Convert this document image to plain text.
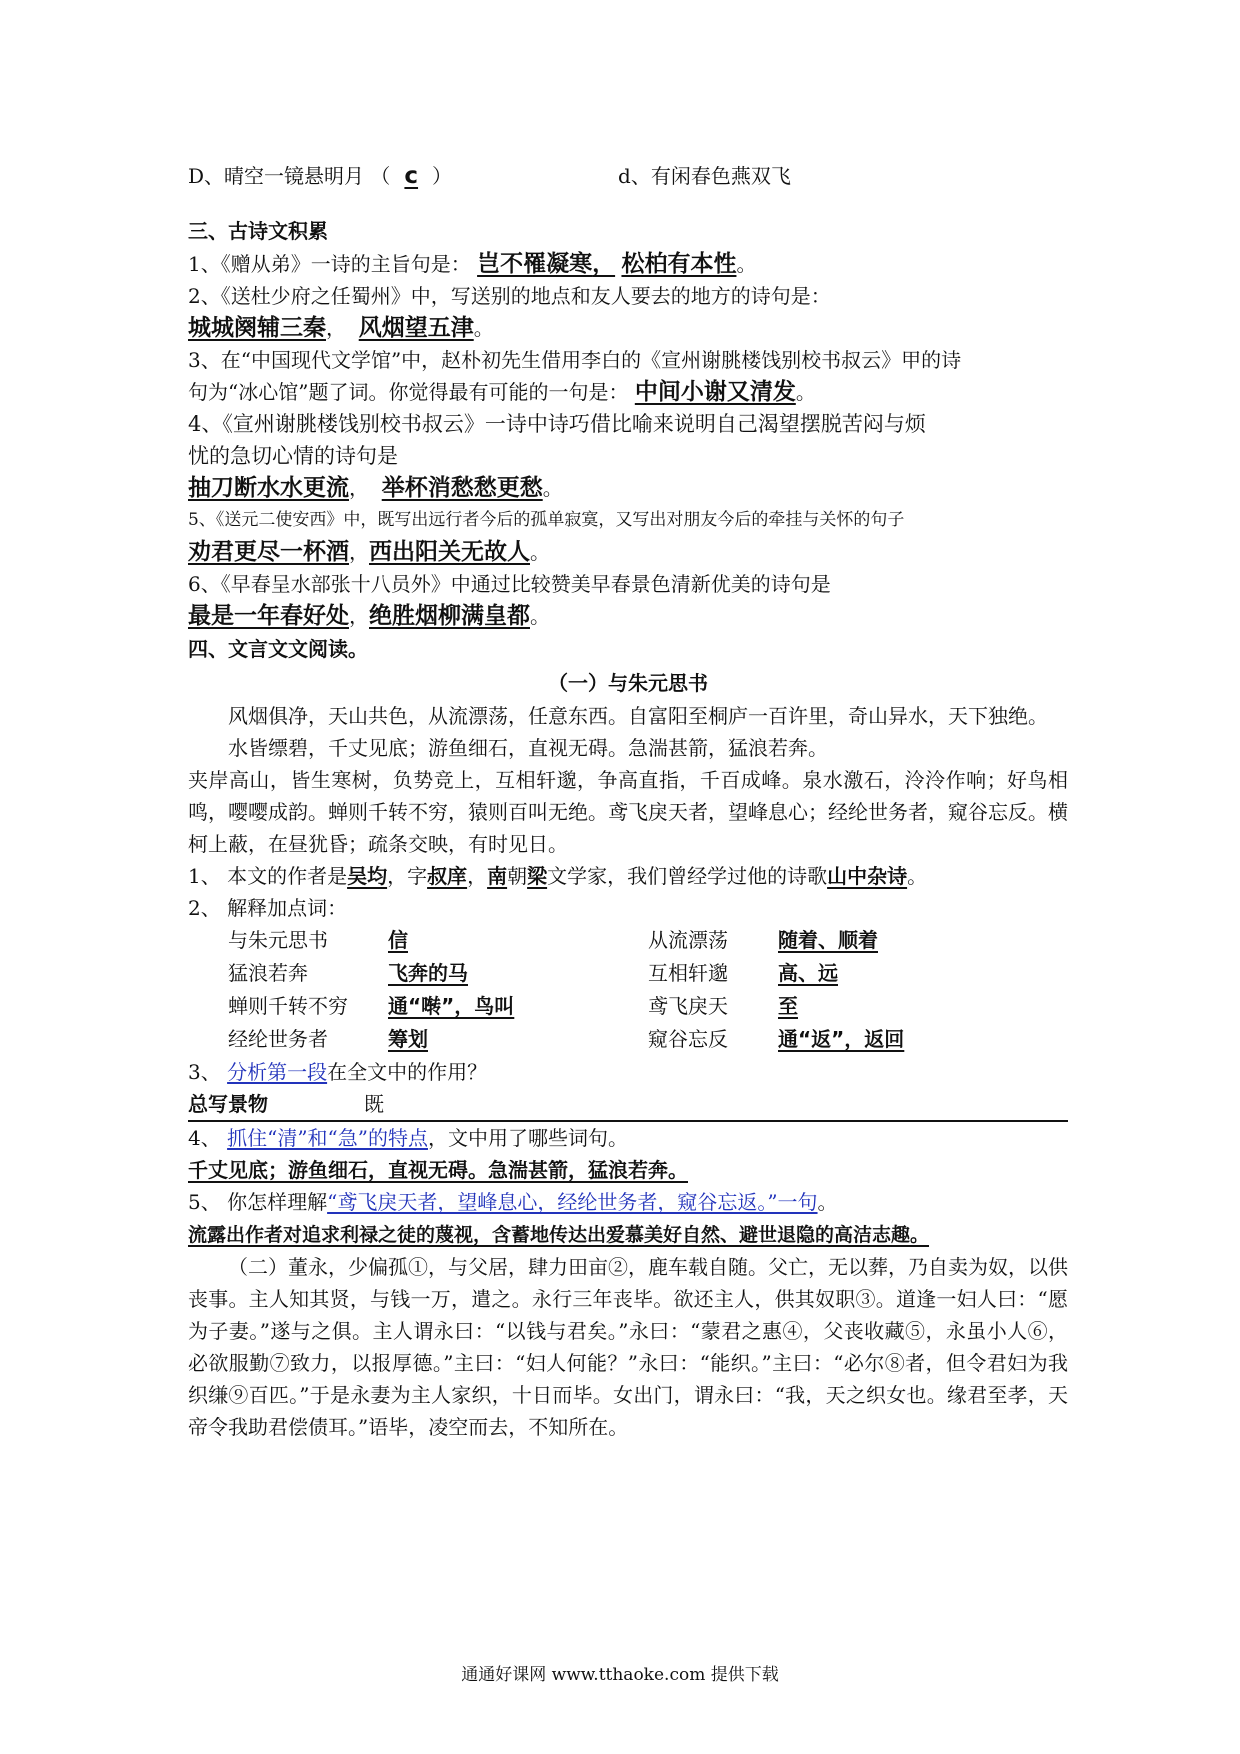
D、晴空一镜悬明月 （ c ）	d、有闲春色燕双飞
三、古诗文积累
1、《赠从弟》一诗的主旨句是： 岂不罹凝寒， 松柏有本性。
2、《送杜少府之任蜀州》中，写送别的地点和友人要去的地方的诗句是：
城城阕辅三秦， 风烟望五津。
3、在“中国现代文学馆”中，赵朴初先生借用李白的《宣州谢朓楼饯别校书叔云》甲的诗
句为“冰心馆”题了词。你觉得最有可能的一句是： 中间小谢又清发。
4、《宣州谢朓楼饯别校书叔云》一诗中诗巧借比喻来说明自己渴望摆脱苦闷与烦
忧的急切心情的诗句是
抽刀断水水更流， 举杯消愁愁更愁。
5、《送元二使安西》中，既写出远行者今后的孤单寂寞，又写出对朋友今后的牵挂与关怀的句子
劝君更尽一杯酒，西出阳关无故人。
6、《早春呈水部张十八员外》中通过比较赞美早春景色清新优美的诗句是
最是一年春好处，绝胜烟柳满皇都。
四、文言文文阅读。
（一）与朱元思书
风烟俱净，天山共色，从流漂荡，任意东西。自富阳至桐庐一百许里，奇山异水，天下独绝。
水皆缥碧，千丈见底；游鱼细石，直视无碍。急湍甚箭，猛浪若奔。
夹岸高山，皆生寒树，负势竞上，互相轩邈，争高直指，千百成峰。泉水激石，泠泠作响；好鸟相鸣，嘤嘤成韵。蝉则千转不穷，猿则百叫无绝。鸢飞戾天者，望峰息心；经纶世务者，窥谷忘反。横柯上蔽，在昼犹昏；疏条交映，有时见日。
1、 本文的作者是吴均，字叔庠，南朝梁文学家，我们曾经学过他的诗歌山中杂诗。
2、 解释加点词：
与朱元思书	信	从流漂荡	随着、顺着
猛浪若奔	飞奔的马	互相轩邈	高、远
蝉则千转不穷	通“啭”，鸟叫	鸢飞戾天	至
经纶世务者	筹划	窥谷忘反	通“返”，返回
3、 分析第一段在全文中的作用？
总写景物	既
4、 抓住“清”和“急”的特点，文中用了哪些词句。
千丈见底；游鱼细石，直视无碍。急湍甚箭，猛浪若奔。
5、 你怎样理解“鸢飞戾天者，望峰息心，经纶世务者，窥谷忘返。”一句。
流露出作者对追求利禄之徒的蔑视，含蓄地传达出爱慕美好自然、避世退隐的高洁志趣。
（二）董永，少偏孤①，与父居，肆力田亩②，鹿车载自随。父亡，无以葬，乃自卖为奴，以供丧事。主人知其贤，与钱一万，遣之。永行三年丧毕。欲还主人，供其奴职③。道逢一妇人曰：“愿为子妻。”遂与之俱。主人谓永曰：“以钱与君矣。”永曰：“蒙君之惠④，父丧收藏⑤，永虽小人⑥，必欲服勤⑦致力，以报厚德。”主曰：“妇人何能？”永曰：“能织。”主曰：“必尔⑧者，但令君妇为我织缣⑨百匹。”于是永妻为主人家织，十日而毕。女出门，谓永曰：“我，天之织女也。缘君至孝，天帝令我助君偿债耳。”语毕，凌空而去，不知所在。
通通好课网 www.tthaoke.com 提供下载
